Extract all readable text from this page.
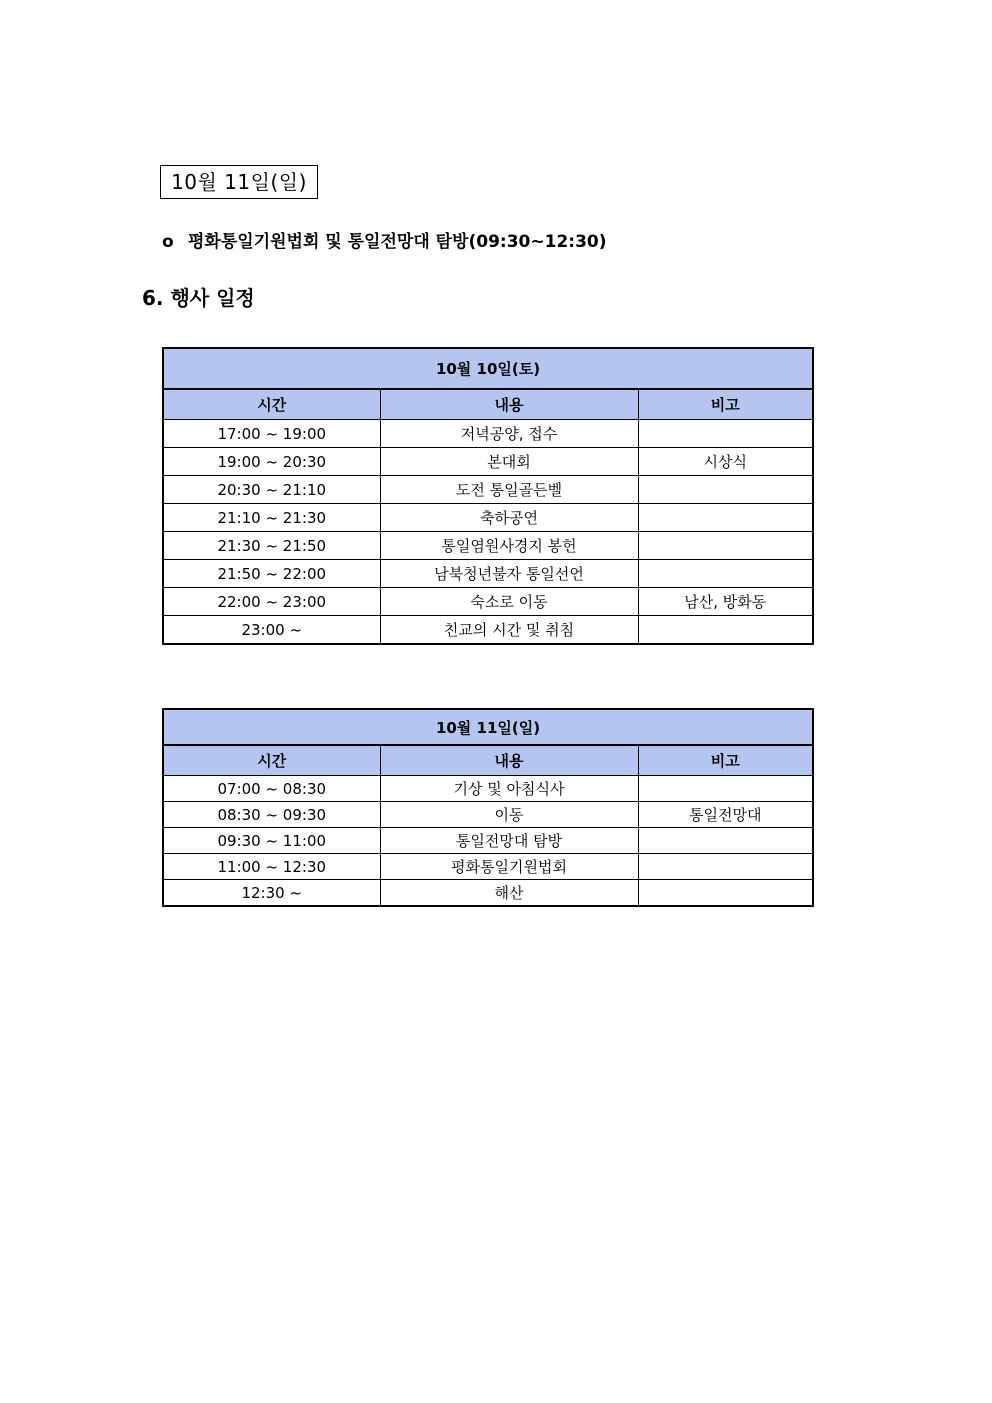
10월 11일(일)
o 평화통일기원법회 및 통일전망대 탐방(09:30~12:30)
6. 행사 일정
10월 10일(토)		
시간	내용	비고
17:00 ~ 19:00	저녁공양, 접수	
19:00 ~ 20:30	본대회	시상식
20:30 ~ 21:10	도전 통일골든벨	
21:10 ~ 21:30	축하공연	
21:30 ~ 21:50	통일염원사경지 봉헌	
21:50 ~ 22:00	남북청년불자 통일선언	
22:00 ~ 23:00	숙소로 이동	남산, 방화동
23:00 ~	친교의 시간 및 취침	
10월 11일(일)		
시간	내용	비고
07:00 ~ 08:30	기상 및 아침식사	
08:30 ~ 09:30	이동	통일전망대
09:30 ~ 11:00	통일전망대 탐방	
11:00 ~ 12:30	평화통일기원법회	
12:30 ~	해산	
